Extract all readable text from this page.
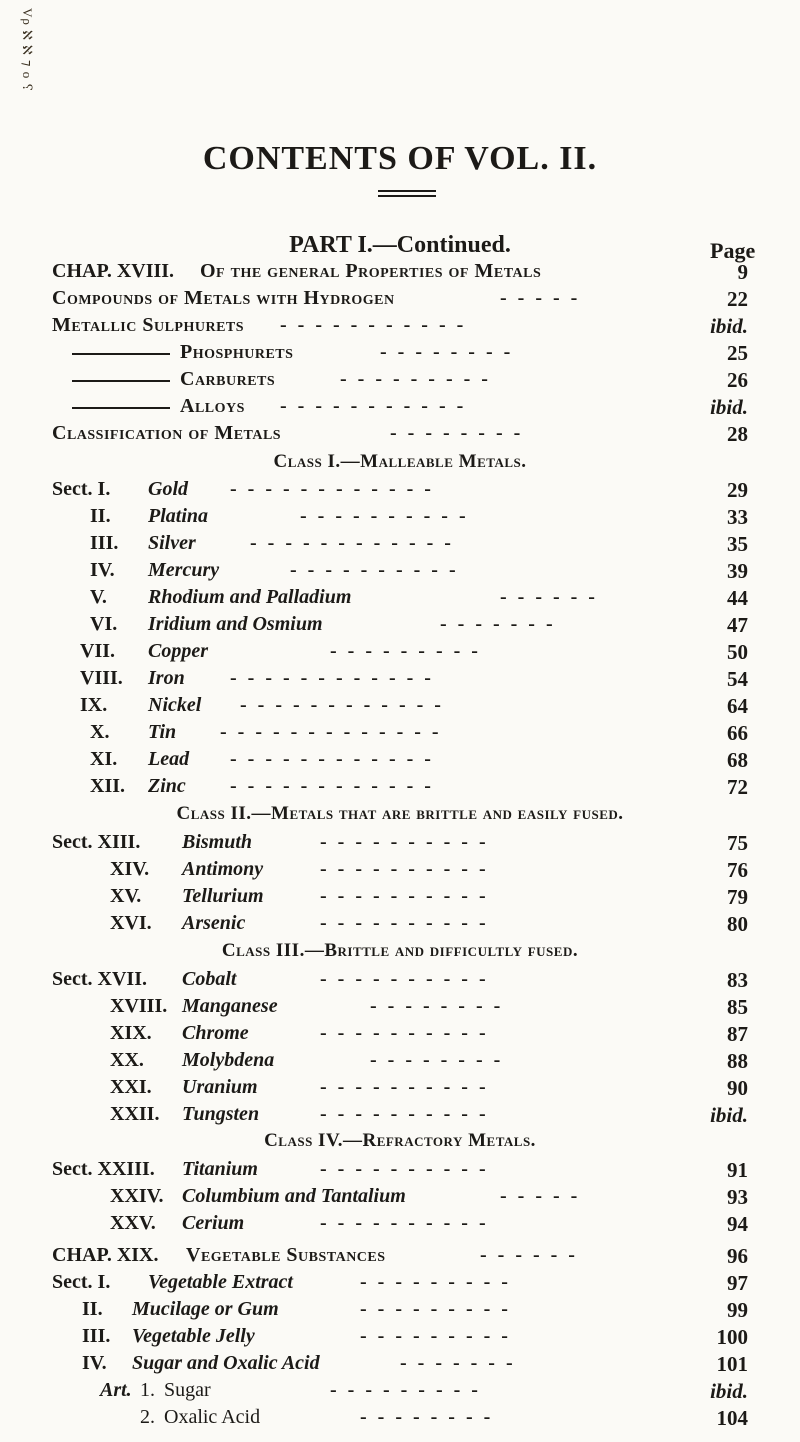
Vρ ℵ ℵ ⁊ ᴏ ⸮
CONTENTS OF VOL. II.
PART I.—Continued.	Page
CHAP. XVIII. Of the general Properties of Metals	9
Compounds of Metals with Hydrogen	-----	22
Metallic Sulphurets -----------	ibid.
Phosphurets	--------	25
Carburets	---------	26
Alloys -----------	ibid.
Classification of Metals	--------	28
Class I.—Malleable Metals.
Sect. I. Gold ------------	29
II. Platina	----------	33
III. Silver	------------	35
IV. Mercury	----------	39
V. Rhodium and Palladium	------	44
VI. Iridium and Osmium	-------	47
VII. Copper	---------	50
VIII. Iron ------------	54
IX. Nickel ------------	64
X. Tin -------------	66
XI. Lead ------------	68
XII. Zinc ------------	72
Class II.—Metals that are brittle and easily fused.
Sect. XIII. Bismuth	----------	75
XIV. Antimony	----------	76
XV. Tellurium	----------	79
XVI. Arsenic	----------	80
Class III.—Brittle and difficultly fused.
Sect. XVII. Cobalt	----------	83
XVIII. Manganese	--------	85
XIX. Chrome	----------	87
XX. Molybdena	--------	88
XXI. Uranium	----------	90
XXII. Tungsten	----------	ibid.
Class IV.—Refractory Metals.
Sect. XXIII. Titanium	----------	91
XXIV. Columbium and Tantalium	-----	93
XXV. Cerium	----------	94
CHAP. XIX. Vegetable Substances	------	96
Sect. I. Vegetable Extract	---------	97
II. Mucilage or Gum	---------	99
III. Vegetable Jelly	---------	100
IV. Sugar and Oxalic Acid	-------	101
Art. 1. Sugar	---------	ibid.
2. Oxalic Acid	--------	104
